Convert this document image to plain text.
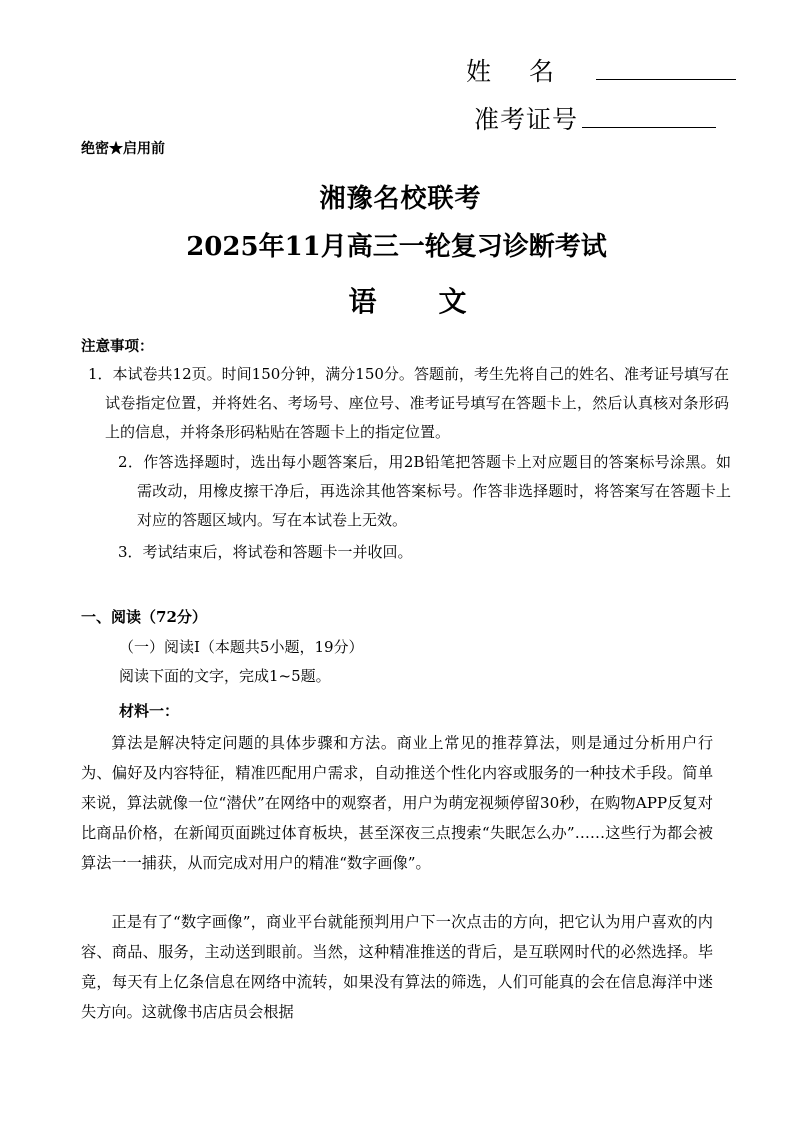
姓名
准考证号
绝密★启用前
湘豫名校联考
2025年11月高三一轮复习诊断考试
语文
注意事项：
1．本试卷共12页。时间150分钟，满分150分。答题前，考生先将自己的姓名、准考证号填写在试卷指定位置，并将姓名、考场号、座位号、准考证号填写在答题卡上，然后认真核对条形码上的信息，并将条形码粘贴在答题卡上的指定位置。
2．作答选择题时，选出每小题答案后，用2B铅笔把答题卡上对应题目的答案标号涂黑。如需改动，用橡皮擦干净后，再选涂其他答案标号。作答非选择题时，将答案写在答题卡上对应的答题区域内。写在本试卷上无效。
3．考试结束后，将试卷和答题卡一并收回。
一、阅读（72分）
（一）阅读I（本题共5小题，19分）
阅读下面的文字，完成1~5题。
材料一：
算法是解决特定问题的具体步骤和方法。商业上常见的推荐算法，则是通过分析用户行为、偏好及内容特征，精准匹配用户需求，自动推送个性化内容或服务的一种技术手段。简单来说，算法就像一位“潜伏”在网络中的观察者，用户为萌宠视频停留30秒，在购物APP反复对比商品价格，在新闻页面跳过体育板块，甚至深夜三点搜索“失眠怎么办”……这些行为都会被算法一一捕获，从而完成对用户的精准“数字画像”。
正是有了“数字画像”，商业平台就能预判用户下一次点击的方向，把它认为用户喜欢的内容、商品、服务，主动送到眼前。当然，这种精准推送的背后，是互联网时代的必然选择。毕竟，每天有上亿条信息在网络中流转，如果没有算法的筛选，人们可能真的会在信息海洋中迷失方向。这就像书店店员会根据
